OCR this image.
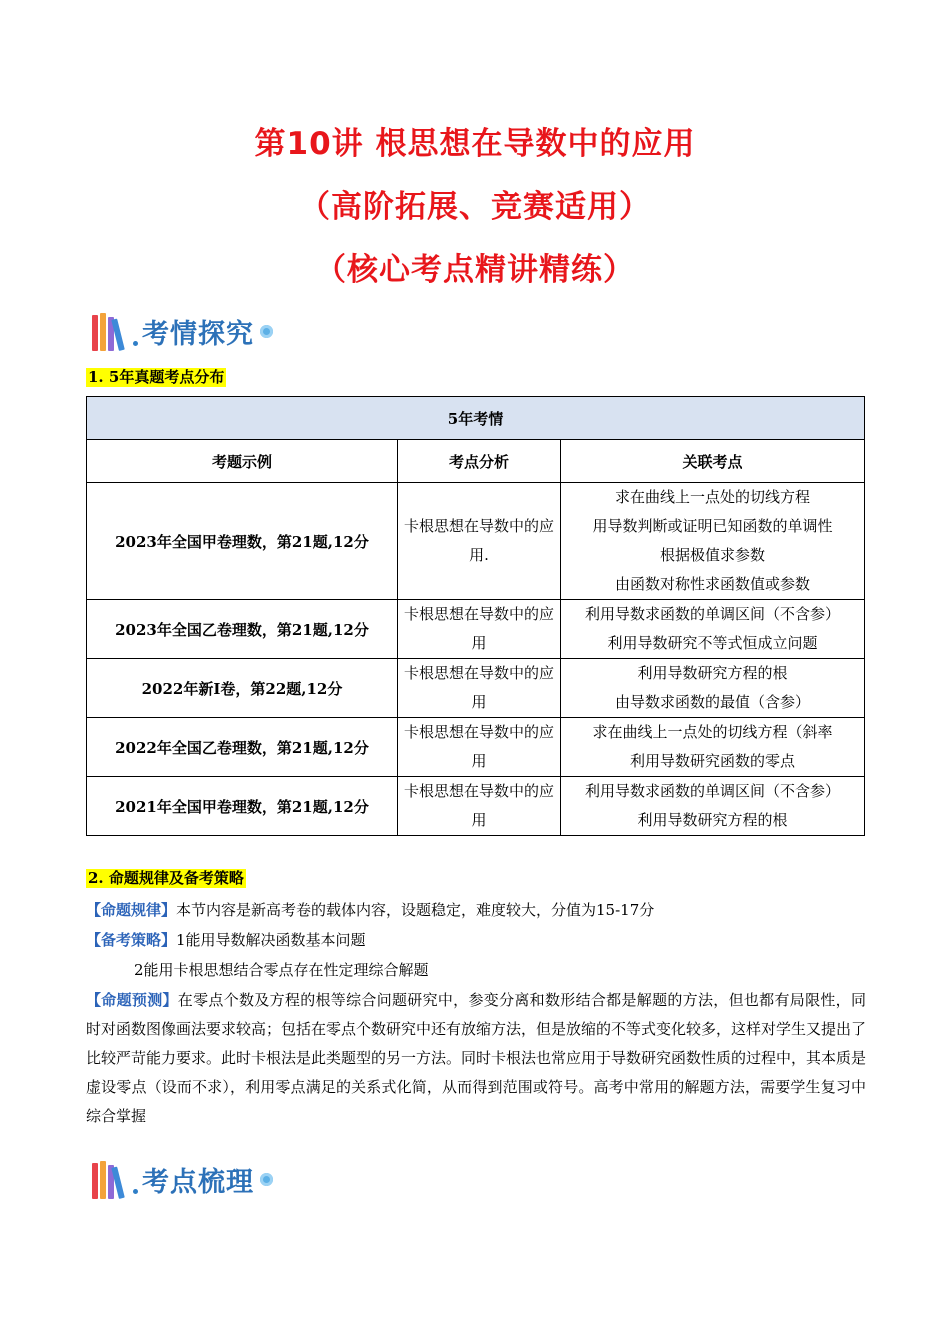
第10讲 根思想在导数中的应用
（高阶拓展、竞赛适用）
（核心考点精讲精练）
考情探究
1. 5年真题考点分布
5年考情		
考题示例	考点分析	关联考点
2023年全国甲卷理数，第21题,12分	卡根思想在导数中的应用.	求在曲线上一点处的切线方程
用导数判断或证明已知函数的单调性
根据极值求参数
由函数对称性求函数值或参数

2023年全国乙卷理数，第21题,12分	卡根思想在导数中的应用	利用导数求函数的单调区间（不含参）
利用导数研究不等式恒成立问题

2022年新I卷，第22题,12分	卡根思想在导数中的应用	利用导数研究方程的根
由导数求函数的最值（含参）

2022年全国乙卷理数，第21题,12分	卡根思想在导数中的应用	求在曲线上一点处的切线方程（斜率
利用导数研究函数的零点

2021年全国甲卷理数，第21题,12分	卡根思想在导数中的应用	利用导数求函数的单调区间（不含参）
利用导数研究方程的根
2. 命题规律及备考策略

【命题规律】本节内容是新高考卷的载体内容，设题稳定，难度较大，分值为15-17分

【备考策略】1能用导数解决函数基本问题

2能用卡根思想结合零点存在性定理综合解题

【命题预测】在零点个数及方程的根等综合问题研究中，参变分离和数形结合都是解题的方法，但也都有局限性，同时对函数图像画法要求较高；包括在零点个数研究中还有放缩方法，但是放缩的不等式变化较多，这样对学生又提出了比较严苛能力要求。此时卡根法是此类题型的另一方法。同时卡根法也常应用于导数研究函数性质的过程中，其本质是虚设零点（设而不求），利用零点满足的关系式化简，从而得到范围或符号。高考中常用的解题方法，需要学生复习中综合掌握

考点梳理
